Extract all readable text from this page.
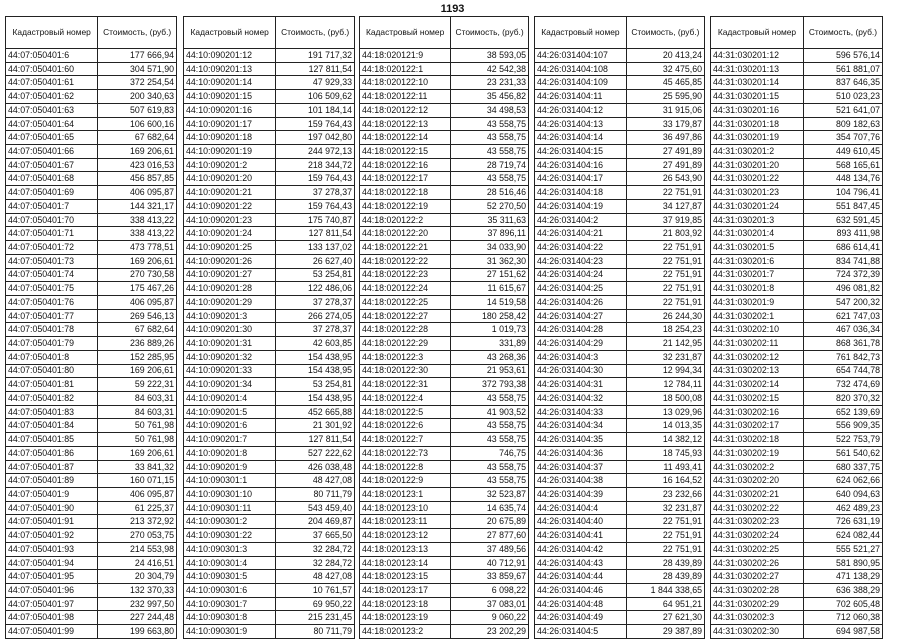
1193
Кадастровый номер	Стоимость, (руб.)
44:07:050401:6	177 666,94
44:07:050401:60	304 571,90
44:07:050401:61	372 254,54
44:07:050401:62	200 340,63
44:07:050401:63	507 619,83
44:07:050401:64	106 600,16
44:07:050401:65	67 682,64
44:07:050401:66	169 206,61
44:07:050401:67	423 016,53
44:07:050401:68	456 857,85
44:07:050401:69	406 095,87
44:07:050401:7	144 321,17
44:07:050401:70	338 413,22
44:07:050401:71	338 413,22
44:07:050401:72	473 778,51
44:07:050401:73	169 206,61
44:07:050401:74	270 730,58
44:07:050401:75	175 467,26
44:07:050401:76	406 095,87
44:07:050401:77	269 546,13
44:07:050401:78	67 682,64
44:07:050401:79	236 889,26
44:07:050401:8	152 285,95
44:07:050401:80	169 206,61
44:07:050401:81	59 222,31
44:07:050401:82	84 603,31
44:07:050401:83	84 603,31
44:07:050401:84	50 761,98
44:07:050401:85	50 761,98
44:07:050401:86	169 206,61
44:07:050401:87	33 841,32
44:07:050401:89	160 071,15
44:07:050401:9	406 095,87
44:07:050401:90	61 225,37
44:07:050401:91	213 372,92
44:07:050401:92	270 053,75
44:07:050401:93	214 553,98
44:07:050401:94	24 416,51
44:07:050401:95	20 304,79
44:07:050401:96	132 370,33
44:07:050401:97	232 997,50
44:07:050401:98	227 244,48
44:07:050401:99	199 663,80
Кадастровый номер	Стоимость, (руб.)
44:10:090201:12	191 717,32
44:10:090201:13	127 811,54
44:10:090201:14	47 929,33
44:10:090201:15	106 509,62
44:10:090201:16	101 184,14
44:10:090201:17	159 764,43
44:10:090201:18	197 042,80
44:10:090201:19	244 972,13
44:10:090201:2	218 344,72
44:10:090201:20	159 764,43
44:10:090201:21	37 278,37
44:10:090201:22	159 764,43
44:10:090201:23	175 740,87
44:10:090201:24	127 811,54
44:10:090201:25	133 137,02
44:10:090201:26	26 627,40
44:10:090201:27	53 254,81
44:10:090201:28	122 486,06
44:10:090201:29	37 278,37
44:10:090201:3	266 274,05
44:10:090201:30	37 278,37
44:10:090201:31	42 603,85
44:10:090201:32	154 438,95
44:10:090201:33	154 438,95
44:10:090201:34	53 254,81
44:10:090201:4	154 438,95
44:10:090201:5	452 665,88
44:10:090201:6	21 301,92
44:10:090201:7	127 811,54
44:10:090201:8	527 222,62
44:10:090201:9	426 038,48
44:10:090301:1	48 427,08
44:10:090301:10	80 711,79
44:10:090301:11	543 459,40
44:10:090301:2	204 469,87
44:10:090301:22	37 665,50
44:10:090301:3	32 284,72
44:10:090301:4	32 284,72
44:10:090301:5	48 427,08
44:10:090301:6	10 761,57
44:10:090301:7	69 950,22
44:10:090301:8	215 231,45
44:10:090301:9	80 711,79
Кадастровый номер	Стоимость, (руб.)
44:18:020121:9	38 593,05
44:18:020122:1	42 542,38
44:18:020122:10	23 231,33
44:18:020122:11	35 456,82
44:18:020122:12	34 498,53
44:18:020122:13	43 558,75
44:18:020122:14	43 558,75
44:18:020122:15	43 558,75
44:18:020122:16	28 719,74
44:18:020122:17	43 558,75
44:18:020122:18	28 516,46
44:18:020122:19	52 270,50
44:18:020122:2	35 311,63
44:18:020122:20	37 896,11
44:18:020122:21	34 033,90
44:18:020122:22	31 362,30
44:18:020122:23	27 151,62
44:18:020122:24	11 615,67
44:18:020122:25	14 519,58
44:18:020122:27	180 258,42
44:18:020122:28	1 019,73
44:18:020122:29	331,89
44:18:020122:3	43 268,36
44:18:020122:30	21 953,61
44:18:020122:31	372 793,38
44:18:020122:4	43 558,75
44:18:020122:5	41 903,52
44:18:020122:6	43 558,75
44:18:020122:7	43 558,75
44:18:020122:73	746,75
44:18:020122:8	43 558,75
44:18:020122:9	43 558,75
44:18:020123:1	32 523,87
44:18:020123:10	14 635,74
44:18:020123:11	20 675,89
44:18:020123:12	27 877,60
44:18:020123:13	37 489,56
44:18:020123:14	40 712,91
44:18:020123:15	33 859,67
44:18:020123:17	6 098,22
44:18:020123:18	37 083,01
44:18:020123:19	9 060,22
44:18:020123:2	23 202,29
Кадастровый номер	Стоимость, (руб.)
44:26:031404:107	20 413,24
44:26:031404:108	32 475,60
44:26:031404:109	45 465,85
44:26:031404:11	25 595,90
44:26:031404:12	31 915,06
44:26:031404:13	33 179,87
44:26:031404:14	36 497,86
44:26:031404:15	27 491,89
44:26:031404:16	27 491,89
44:26:031404:17	26 543,90
44:26:031404:18	22 751,91
44:26:031404:19	34 127,87
44:26:031404:2	37 919,85
44:26:031404:21	21 803,92
44:26:031404:22	22 751,91
44:26:031404:23	22 751,91
44:26:031404:24	22 751,91
44:26:031404:25	22 751,91
44:26:031404:26	22 751,91
44:26:031404:27	26 244,30
44:26:031404:28	18 254,23
44:26:031404:29	21 142,95
44:26:031404:3	32 231,87
44:26:031404:30	12 994,34
44:26:031404:31	12 784,11
44:26:031404:32	18 500,08
44:26:031404:33	13 029,96
44:26:031404:34	14 013,35
44:26:031404:35	14 382,12
44:26:031404:36	18 745,93
44:26:031404:37	11 493,41
44:26:031404:38	16 164,52
44:26:031404:39	23 232,66
44:26:031404:4	32 231,87
44:26:031404:40	22 751,91
44:26:031404:41	22 751,91
44:26:031404:42	22 751,91
44:26:031404:43	28 439,89
44:26:031404:44	28 439,89
44:26:031404:46	1 844 338,65
44:26:031404:48	64 951,21
44:26:031404:49	27 621,30
44:26:031404:5	29 387,89
Кадастровый номер	Стоимость, (руб.)
44:31:030201:12	596 576,14
44:31:030201:13	561 881,07
44:31:030201:14	837 646,35
44:31:030201:15	510 023,23
44:31:030201:16	521 641,07
44:31:030201:18	809 182,63
44:31:030201:19	354 707,76
44:31:030201:2	449 610,45
44:31:030201:20	568 165,61
44:31:030201:22	448 134,76
44:31:030201:23	104 796,41
44:31:030201:24	551 847,45
44:31:030201:3	632 591,45
44:31:030201:4	893 411,98
44:31:030201:5	686 614,41
44:31:030201:6	834 741,88
44:31:030201:7	724 372,39
44:31:030201:8	496 081,82
44:31:030201:9	547 200,32
44:31:030202:1	621 747,03
44:31:030202:10	467 036,34
44:31:030202:11	868 361,78
44:31:030202:12	761 842,73
44:31:030202:13	654 744,78
44:31:030202:14	732 474,69
44:31:030202:15	820 370,32
44:31:030202:16	652 139,69
44:31:030202:17	556 909,35
44:31:030202:18	522 753,79
44:31:030202:19	561 540,62
44:31:030202:2	680 337,75
44:31:030202:20	624 062,66
44:31:030202:21	640 094,63
44:31:030202:22	462 489,23
44:31:030202:23	726 631,19
44:31:030202:24	624 082,44
44:31:030202:25	555 521,27
44:31:030202:26	581 890,95
44:31:030202:27	471 138,29
44:31:030202:28	636 388,29
44:31:030202:29	702 605,48
44:31:030202:3	712 060,38
44:31:030202:30	694 987,58
